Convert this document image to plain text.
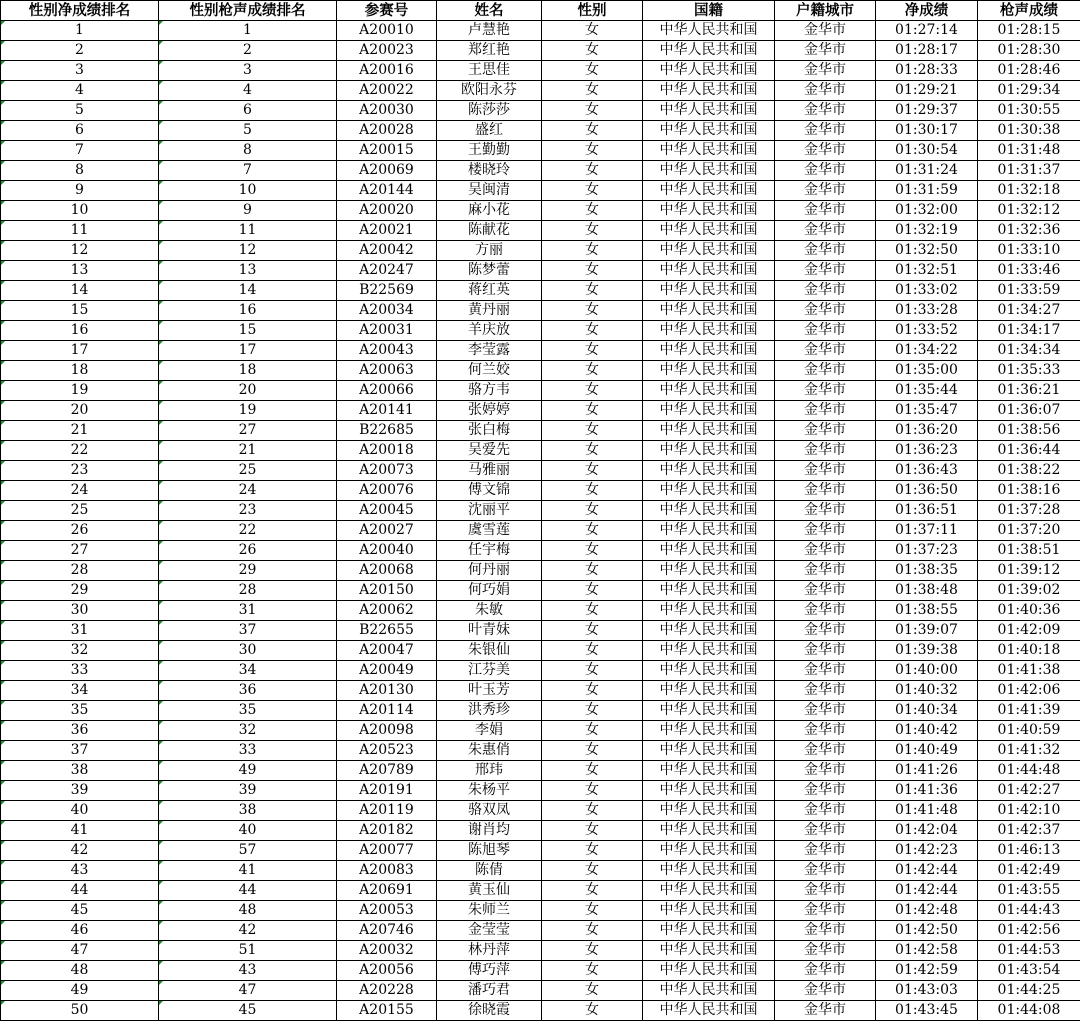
性别净成绩排名	性别枪声成绩排名	参赛号	姓名	性别	国籍	户籍城市	净成绩	枪声成绩
1	1	A20010	卢慧艳	女	中华人民共和国	金华市	01:27:14	01:28:15
2	2	A20023	郑红艳	女	中华人民共和国	金华市	01:28:17	01:28:30
3	3	A20016	王思佳	女	中华人民共和国	金华市	01:28:33	01:28:46
4	4	A20022	欧阳永芬	女	中华人民共和国	金华市	01:29:21	01:29:34
5	6	A20030	陈莎莎	女	中华人民共和国	金华市	01:29:37	01:30:55
6	5	A20028	盛红	女	中华人民共和国	金华市	01:30:17	01:30:38
7	8	A20015	王勤勤	女	中华人民共和国	金华市	01:30:54	01:31:48
8	7	A20069	楼晓玲	女	中华人民共和国	金华市	01:31:24	01:31:37
9	10	A20144	吴闽清	女	中华人民共和国	金华市	01:31:59	01:32:18
10	9	A20020	麻小花	女	中华人民共和国	金华市	01:32:00	01:32:12
11	11	A20021	陈献花	女	中华人民共和国	金华市	01:32:19	01:32:36
12	12	A20042	方丽	女	中华人民共和国	金华市	01:32:50	01:33:10
13	13	A20247	陈梦蕾	女	中华人民共和国	金华市	01:32:51	01:33:46
14	14	B22569	蒋红英	女	中华人民共和国	金华市	01:33:02	01:33:59
15	16	A20034	黄丹丽	女	中华人民共和国	金华市	01:33:28	01:34:27
16	15	A20031	羊庆放	女	中华人民共和国	金华市	01:33:52	01:34:17
17	17	A20043	李莹露	女	中华人民共和国	金华市	01:34:22	01:34:34
18	18	A20063	何兰姣	女	中华人民共和国	金华市	01:35:00	01:35:33
19	20	A20066	骆方韦	女	中华人民共和国	金华市	01:35:44	01:36:21
20	19	A20141	张婷婷	女	中华人民共和国	金华市	01:35:47	01:36:07
21	27	B22685	张白梅	女	中华人民共和国	金华市	01:36:20	01:38:56
22	21	A20018	吴爱先	女	中华人民共和国	金华市	01:36:23	01:36:44
23	25	A20073	马雅丽	女	中华人民共和国	金华市	01:36:43	01:38:22
24	24	A20076	傅文锦	女	中华人民共和国	金华市	01:36:50	01:38:16
25	23	A20045	沈丽平	女	中华人民共和国	金华市	01:36:51	01:37:28
26	22	A20027	虞雪莲	女	中华人民共和国	金华市	01:37:11	01:37:20
27	26	A20040	任宇梅	女	中华人民共和国	金华市	01:37:23	01:38:51
28	29	A20068	何丹丽	女	中华人民共和国	金华市	01:38:35	01:39:12
29	28	A20150	何巧娟	女	中华人民共和国	金华市	01:38:48	01:39:02
30	31	A20062	朱敏	女	中华人民共和国	金华市	01:38:55	01:40:36
31	37	B22655	叶青妹	女	中华人民共和国	金华市	01:39:07	01:42:09
32	30	A20047	朱银仙	女	中华人民共和国	金华市	01:39:38	01:40:18
33	34	A20049	江芬美	女	中华人民共和国	金华市	01:40:00	01:41:38
34	36	A20130	叶玉芳	女	中华人民共和国	金华市	01:40:32	01:42:06
35	35	A20114	洪秀珍	女	中华人民共和国	金华市	01:40:34	01:41:39
36	32	A20098	李娟	女	中华人民共和国	金华市	01:40:42	01:40:59
37	33	A20523	朱惠俏	女	中华人民共和国	金华市	01:40:49	01:41:32
38	49	A20789	邢玮	女	中华人民共和国	金华市	01:41:26	01:44:48
39	39	A20191	朱杨平	女	中华人民共和国	金华市	01:41:36	01:42:27
40	38	A20119	骆双凤	女	中华人民共和国	金华市	01:41:48	01:42:10
41	40	A20182	谢肖均	女	中华人民共和国	金华市	01:42:04	01:42:37
42	57	A20077	陈旭琴	女	中华人民共和国	金华市	01:42:23	01:46:13
43	41	A20083	陈倩	女	中华人民共和国	金华市	01:42:44	01:42:49
44	44	A20691	黄玉仙	女	中华人民共和国	金华市	01:42:44	01:43:55
45	48	A20053	朱师兰	女	中华人民共和国	金华市	01:42:48	01:44:43
46	42	A20746	金莹莹	女	中华人民共和国	金华市	01:42:50	01:42:56
47	51	A20032	林丹萍	女	中华人民共和国	金华市	01:42:58	01:44:53
48	43	A20056	傅巧萍	女	中华人民共和国	金华市	01:42:59	01:43:54
49	47	A20228	潘巧君	女	中华人民共和国	金华市	01:43:03	01:44:25
50	45	A20155	徐晓霞	女	中华人民共和国	金华市	01:43:45	01:44:08
